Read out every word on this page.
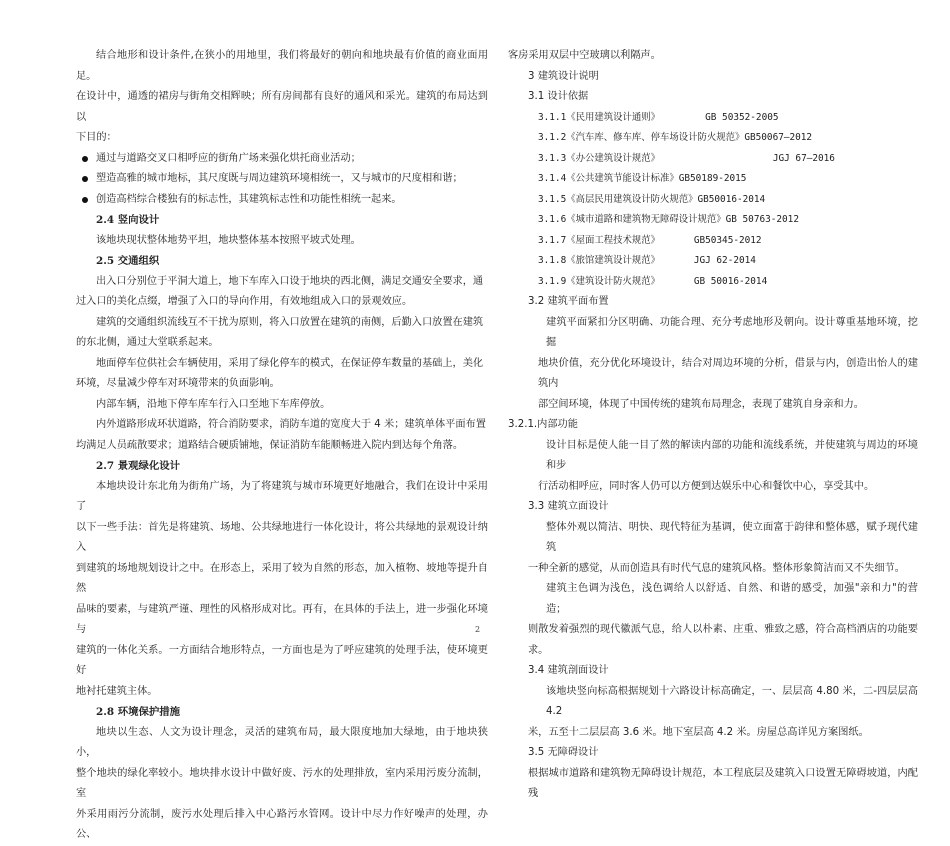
结合地形和设计条件,在狭小的用地里，我们将最好的朝向和地块最有价值的商业面用足。

在设计中，通透的裙房与街角交相辉映；所有房间都有良好的通风和采光。建筑的布局达到以

下目的：

通过与道路交叉口相呼应的街角广场来强化烘托商业活动；
塑造高雅的城市地标，其尺度既与周边建筑环境相统一，又与城市的尺度相和谐；
创造高档综合楼独有的标志性，其建筑标志性和功能性相统一起来。

2.4 竖向设计

该地块现状整体地势平坦，地块整体基本按照平坡式处理。

2.5 交通组织

出入口分别位于平洞大道上，地下车库入口设于地块的西北侧，满足交通安全要求，通

过入口的美化点缀，增强了入口的导向作用，有效地组成入口的景观效应。

建筑的交通组织流线互不干扰为原则，将入口放置在建筑的南侧，后勤入口放置在建筑

的东北侧，通过大堂联系起来。

地面停车位供社会车辆使用，采用了绿化停车的模式，在保证停车数量的基础上，美化

环境，尽量减少停车对环境带来的负面影响。

内部车辆，沿地下停车库车行入口至地下车库停放。

内外道路形成环状道路，符合消防要求，消防车道的宽度大于 4 米；建筑单体平面布置

均满足人员疏散要求；道路结合硬质铺地，保证消防车能顺畅进入院内到达每个角落。

2.7 景观绿化设计

本地块设计东北角为街角广场，为了将建筑与城市环境更好地融合，我们在设计中采用了

以下一些手法：首先是将建筑、场地、公共绿地进行一体化设计，将公共绿地的景观设计纳入

到建筑的场地规划设计之中。在形态上，采用了较为自然的形态，加入植物、坡地等提升自然

品味的要素，与建筑严谨、理性的风格形成对比。再有，在具体的手法上，进一步强化环境与

建筑的一体化关系。一方面结合地形特点，一方面也是为了呼应建筑的处理手法，使环境更好

地衬托建筑主体。

2.8 环境保护措施

地块以生态、人文为设计理念，灵活的建筑布局，最大限度地加大绿地，由于地块狭小，

整个地块的绿化率较小。地块排水设计中做好废、污水的处理排放，室内采用污废分流制，室

外采用雨污分流制，废污水处理后排入中心路污水管网。设计中尽力作好噪声的处理，办公、

客房采用双层中空玻璃以利隔声。

3 建筑设计说明

3.1 设计依据

3.1.1《民用建筑设计通则》        GB 50352-2005

3.1.2《汽车库、修车库、停车场设计防火规范》GB50067—2012

3.1.3《办公建筑设计规范》                    JGJ 67—2016

3.1.4《公共建筑节能设计标准》GB50189-2015

3.1.5《高层民用建筑设计防火规范》GB50016-2014

3.1.6《城市道路和建筑物无障碍设计规范》GB 50763-2012

3.1.7《屋面工程技术规范》      GB50345-2012

3.1.8《旅馆建筑设计规范》      JGJ 62-2014

3.1.9《建筑设计防火规范》      GB 50016-2014

3.2 建筑平面布置

建筑平面紧扣分区明确、功能合理、充分考虑地形及朝向。设计尊重基地环境，挖掘

地块价值，充分优化环境设计，结合对周边环境的分析，借景与内，创造出怡人的建筑内

部空间环境，体现了中国传统的建筑布局理念，表现了建筑自身亲和力。

3.2.1.内部功能

设计目标是使人能一目了然的解读内部的功能和流线系统，并使建筑与周边的环境和步

行活动相呼应，同时客人仍可以方便到达娱乐中心和餐饮中心，享受其中。

3.3 建筑立面设计

整体外观以简洁、明快、现代特征为基调，使立面富于韵律和整体感，赋予现代建筑

一种全新的感觉，从而创造具有时代气息的建筑风格。整体形象简洁而又不失细节。

建筑主色调为浅色，浅色调给人以舒适、自然、和谐的感受，加强"亲和力"的营造；

则散发着强烈的现代徽派气息，给人以朴素、庄重、雅致之感，符合高档酒店的功能要求。

3.4 建筑剖面设计

该地块竖向标高根据规划十六路设计标高确定，一、层层高 4.80 米，二-四层层高 4.2

米，五至十二层层高 3.6 米。地下室层高 4.2 米。房屋总高详见方案图纸。

3.5 无障碍设计

根据城市道路和建筑物无障碍设计规范，本工程底层及建筑入口设置无障碍坡道，内配残

2
